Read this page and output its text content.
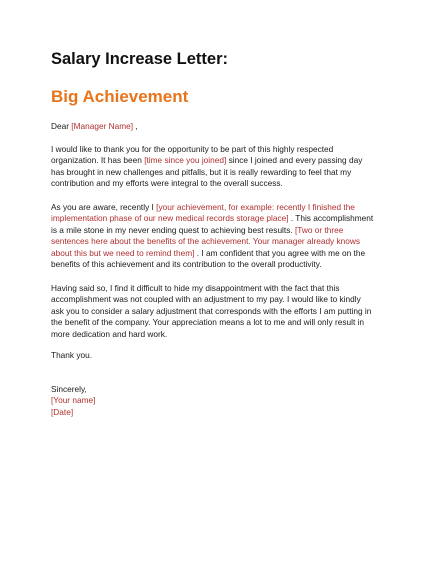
Salary Increase Letter:
Big Achievement

Dear [Manager Name] ,

I would like to thank you for the opportunity to be part of this highly respected
organization. It has been [time since you joined] since I joined and every passing day
has brought in new challenges and pitfalls, but it is really rewarding to feel that my
contribution and my efforts were integral to the overall success.

As you are aware, recently I [your achievement, for example: recently I finished the
implementation phase of our new medical records storage place] . This accomplishment
is a mile stone in my never ending quest to achieving best results. [Two or three
sentences here about the benefits of the achievement. Your manager already knows
about this but we need to remind them] . I am confident that you agree with me on the
benefits of this achievement and its contribution to the overall productivity.

Having said so, I find it difficult to hide my disappointment with the fact that this
accomplishment was not coupled with an adjustment to my pay. I would like to kindly
ask you to consider a salary adjustment that corresponds with the efforts I am putting in
the benefit of the company. Your appreciation means a lot to me and will only result in
more dedication and hard work.

Thank you.

Sincerely,
[Your name]
[Date]
